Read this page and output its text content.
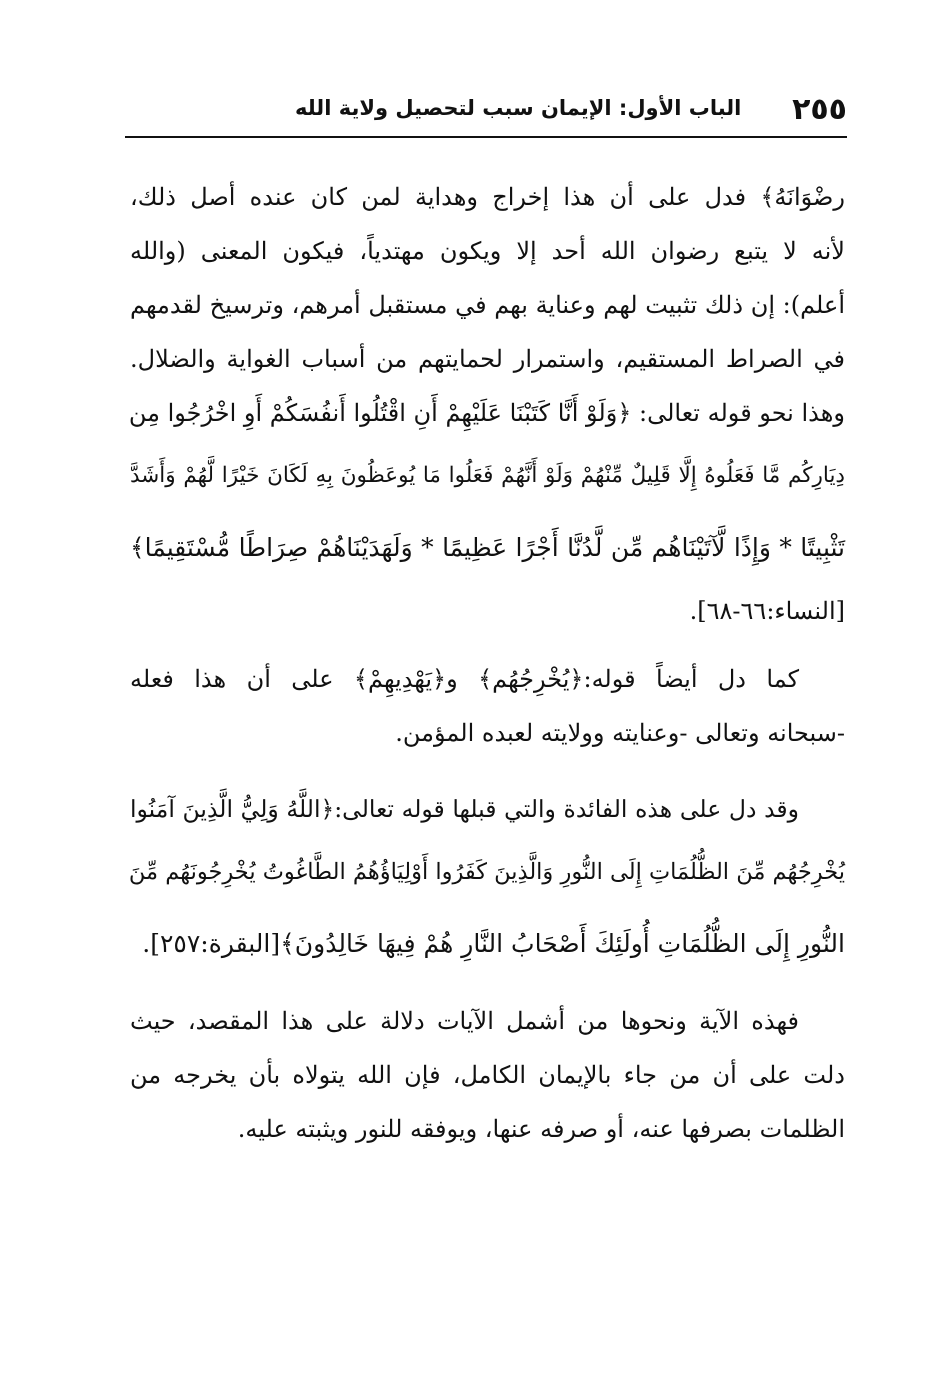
٢٥٥
الباب الأول: الإيمان سبب لتحصيل ولاية الله
رضْوَانَهُ﴾ فدل على أن هذا إخراج وهداية لمن كان عنده أصل ذلك،
لأنه لا يتبع رضوان الله أحد إلا ويكون مهتدياً، فيكون المعنى (والله
أعلم): إن ذلك تثبيت لهم وعناية بهم في مستقبل أمرهم، وترسيخ لقدمهم
في الصراط المستقيم، واستمرار لحمايتهم من أسباب الغواية والضلال.
وهذا نحو قوله تعالى: ﴿وَلَوْ أَنَّا كَتَبْنَا عَلَيْهِمْ أَنِ اقْتُلُوا أَنفُسَكُمْ أَوِ اخْرُجُوا مِن
دِيَارِكُم مَّا فَعَلُوهُ إِلَّا قَلِيلٌ مِّنْهُمْ وَلَوْ أَنَّهُمْ فَعَلُوا مَا يُوعَظُونَ بِهِ لَكَانَ خَيْرًا لَّهُمْ وَأَشَدَّ
تَثْبِيتًا * وَإِذًا لَّآتَيْنَاهُم مِّن لَّدُنَّا أَجْرًا عَظِيمًا * وَلَهَدَيْنَاهُمْ صِرَاطًا مُّسْتَقِيمًا﴾
[النساء:٦٦-٦٨].
كما دل أيضاً قوله:﴿يُخْرِجُهُم﴾ و﴿يَهْدِيهِمْ﴾ على أن هذا فعله
-سبحانه وتعالى -وعنايته وولايته لعبده المؤمن.
وقد دل على هذه الفائدة والتي قبلها قوله تعالى:﴿اللَّهُ وَلِيُّ الَّذِينَ آمَنُوا
يُخْرِجُهُم مِّنَ الظُّلُمَاتِ إِلَى النُّورِ وَالَّذِينَ كَفَرُوا أَوْلِيَاؤُهُمُ الطَّاغُوتُ يُخْرِجُونَهُم مِّنَ
النُّورِ إِلَى الظُّلُمَاتِ أُولَئِكَ أَصْحَابُ النَّارِ هُمْ فِيهَا خَالِدُونَ﴾[البقرة:٢٥٧].
فهذه الآية ونحوها من أشمل الآيات دلالة على هذا المقصد، حيث
دلت على أن من جاء بالإيمان الكامل، فإن الله يتولاه بأن يخرجه من
الظلمات بصرفها عنه، أو صرفه عنها، ويوفقه للنور ويثبته عليه.
